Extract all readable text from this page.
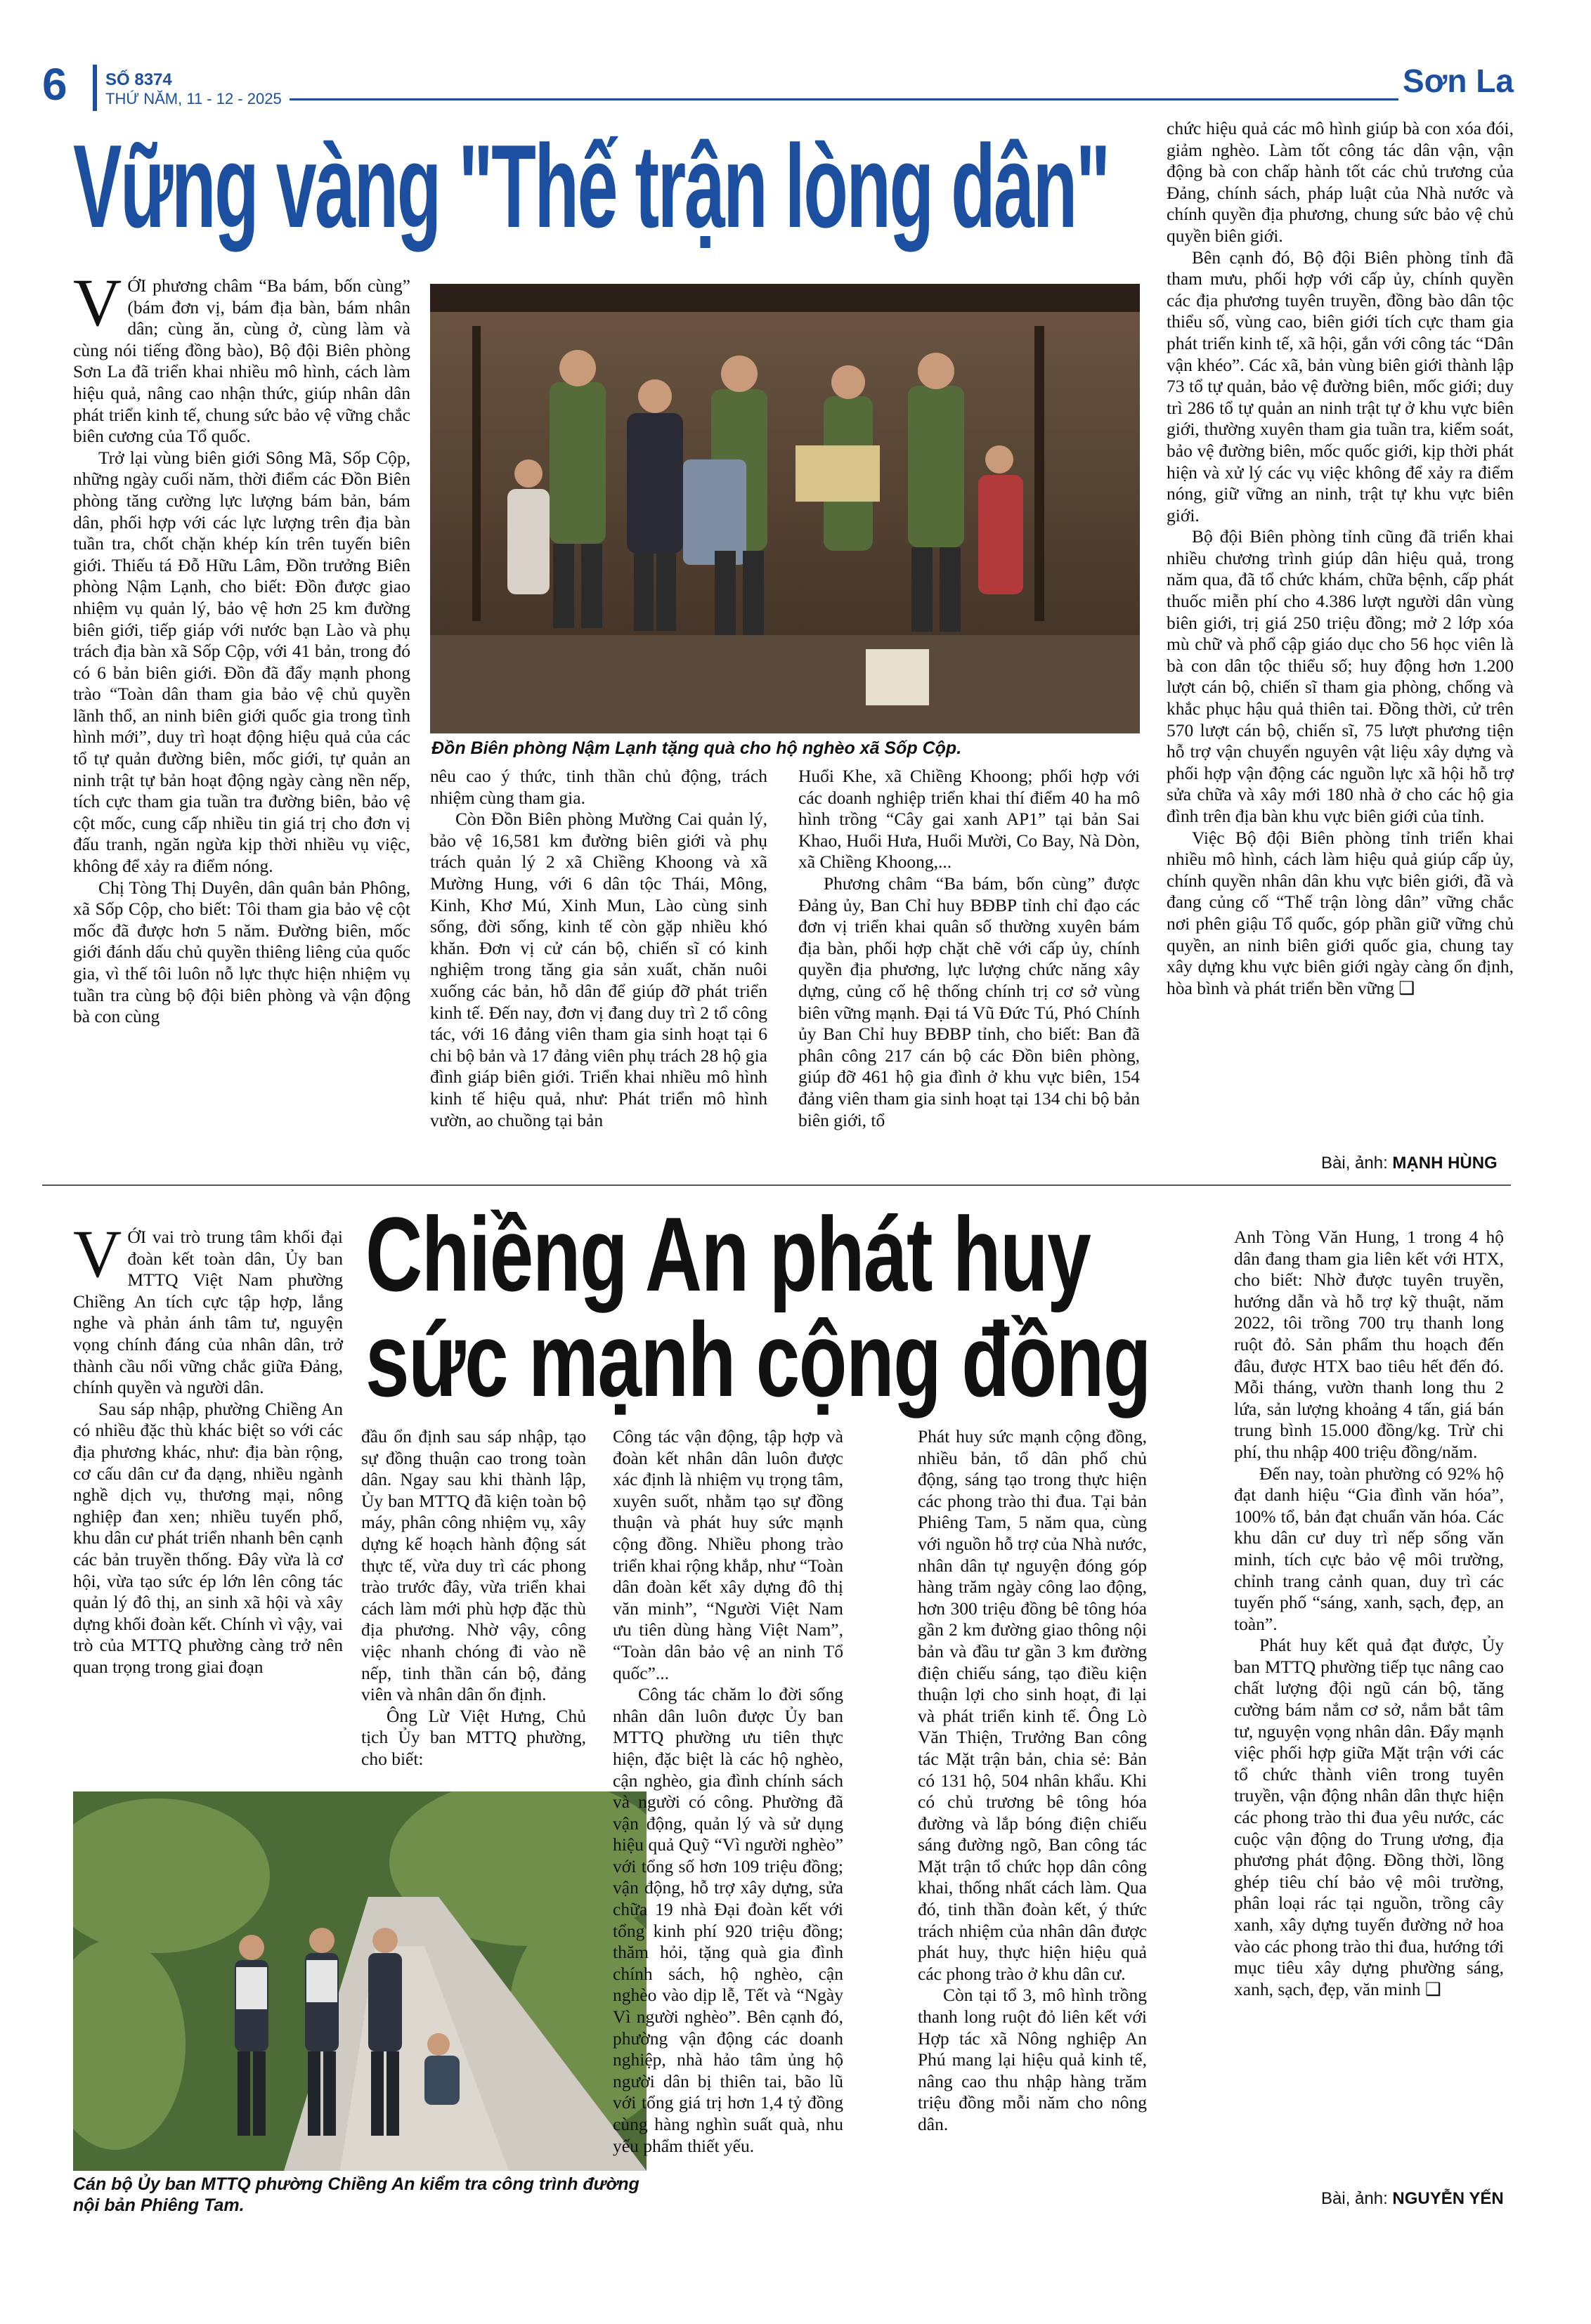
6 SỐ 8374
THỨ NĂM, 11 - 12 - 2025	Sơn La
Vững vàng "Thế trận lòng dân"

VỚI phương châm “Ba bám, bốn cùng” (bám đơn vị, bám địa bàn, bám nhân dân; cùng ăn, cùng ở, cùng làm và cùng nói tiếng đồng bào), Bộ đội Biên phòng Sơn La đã triển khai nhiều mô hình, cách làm hiệu quả, nâng cao nhận thức, giúp nhân dân phát triển kinh tế, chung sức bảo vệ vững chắc biên cương của Tổ quốc.

Trở lại vùng biên giới Sông Mã, Sốp Cộp, những ngày cuối năm, thời điểm các Đồn Biên phòng tăng cường lực lượng bám bản, bám dân, phối hợp với các lực lượng trên địa bàn tuần tra, chốt chặn khép kín trên tuyến biên giới. Thiếu tá Đỗ Hữu Lâm, Đồn trưởng Biên phòng Nậm Lạnh, cho biết: Đồn được giao nhiệm vụ quản lý, bảo vệ hơn 25 km đường biên giới, tiếp giáp với nước bạn Lào và phụ trách địa bàn xã Sốp Cộp, với 41 bản, trong đó có 6 bản biên giới. Đồn đã đẩy mạnh phong trào “Toàn dân tham gia bảo vệ chủ quyền lãnh thổ, an ninh biên giới quốc gia trong tình hình mới”, duy trì hoạt động hiệu quả của các tổ tự quản đường biên, mốc giới, tự quản an ninh trật tự bản hoạt động ngày càng nền nếp, tích cực tham gia tuần tra đường biên, bảo vệ cột mốc, cung cấp nhiều tin giá trị cho đơn vị đấu tranh, ngăn ngừa kịp thời nhiều vụ việc, không để xảy ra điểm nóng.

Chị Tòng Thị Duyên, dân quân bản Phông, xã Sốp Cộp, cho biết: Tôi tham gia bảo vệ cột mốc đã được hơn 5 năm. Đường biên, mốc giới đánh dấu chủ quyền thiêng liêng của quốc gia, vì thế tôi luôn nỗ lực thực hiện nhiệm vụ tuần tra cùng bộ đội biên phòng và vận động bà con cùng

Đồn Biên phòng Nậm Lạnh tặng quà cho hộ nghèo xã Sốp Cộp.

nêu cao ý thức, tinh thần chủ động, trách nhiệm cùng tham gia.

Còn Đồn Biên phòng Mường Cai quản lý, bảo vệ 16,581 km đường biên giới và phụ trách quản lý 2 xã Chiềng Khoong và xã Mường Hung, với 6 dân tộc Thái, Mông, Kinh, Khơ Mú, Xinh Mun, Lào cùng sinh sống, đời sống, kinh tế còn gặp nhiều khó khăn. Đơn vị cử cán bộ, chiến sĩ có kinh nghiệm trong tăng gia sản xuất, chăn nuôi xuống các bản, hỗ dân để giúp đỡ phát triển kinh tế. Đến nay, đơn vị đang duy trì 2 tổ công tác, với 16 đảng viên tham gia sinh hoạt tại 6 chi bộ bản và 17 đảng viên phụ trách 28 hộ gia đình giáp biên giới. Triển khai nhiều mô hình kinh tế hiệu quả, như: Phát triển mô hình vườn, ao chuồng tại bản

Huổi Khe, xã Chiềng Khoong; phối hợp với các doanh nghiệp triển khai thí điểm 40 ha mô hình trồng “Cây gai xanh AP1” tại bản Sai Khao, Huổi Hưa, Huổi Mười, Co Bay, Nà Dòn, xã Chiềng Khoong,...

Phương châm “Ba bám, bốn cùng” được Đảng ủy, Ban Chỉ huy BĐBP tỉnh chỉ đạo các đơn vị triển khai quân số thường xuyên bám địa bàn, phối hợp chặt chẽ với cấp ủy, chính quyền địa phương, lực lượng chức năng xây dựng, củng cố hệ thống chính trị cơ sở vùng biên vững mạnh. Đại tá Vũ Đức Tú, Phó Chính ủy Ban Chỉ huy BĐBP tỉnh, cho biết: Ban đã phân công 217 cán bộ các Đồn biên phòng, giúp đỡ 461 hộ gia đình ở khu vực biên, 154 đảng viên tham gia sinh hoạt tại 134 chi bộ bản biên giới, tổ

chức hiệu quả các mô hình giúp bà con xóa đói, giảm nghèo. Làm tốt công tác dân vận, vận động bà con chấp hành tốt các chủ trương của Đảng, chính sách, pháp luật của Nhà nước và chính quyền địa phương, chung sức bảo vệ chủ quyền biên giới.

Bên cạnh đó, Bộ đội Biên phòng tỉnh đã tham mưu, phối hợp với cấp ủy, chính quyền các địa phương tuyên truyền, đồng bào dân tộc thiểu số, vùng cao, biên giới tích cực tham gia phát triển kinh tế, xã hội, gắn với công tác “Dân vận khéo”. Các xã, bản vùng biên giới thành lập 73 tổ tự quản, bảo vệ đường biên, mốc giới; duy trì 286 tổ tự quản an ninh trật tự ở khu vực biên giới, thường xuyên tham gia tuần tra, kiểm soát, bảo vệ đường biên, mốc quốc giới, kịp thời phát hiện và xử lý các vụ việc không để xảy ra điểm nóng, giữ vững an ninh, trật tự khu vực biên giới.

Bộ đội Biên phòng tỉnh cũng đã triển khai nhiều chương trình giúp dân hiệu quả, trong năm qua, đã tổ chức khám, chữa bệnh, cấp phát thuốc miễn phí cho 4.386 lượt người dân vùng biên giới, trị giá 250 triệu đồng; mở 2 lớp xóa mù chữ và phổ cập giáo dục cho 56 học viên là bà con dân tộc thiểu số; huy động hơn 1.200 lượt cán bộ, chiến sĩ tham gia phòng, chống và khắc phục hậu quả thiên tai. Đồng thời, cử trên 570 lượt cán bộ, chiến sĩ, 75 lượt phương tiện hỗ trợ vận chuyển nguyên vật liệu xây dựng và phối hợp vận động các nguồn lực xã hội hỗ trợ sửa chữa và xây mới 180 nhà ở cho các hộ gia đình trên địa bàn khu vực biên giới của tỉnh.

Việc Bộ đội Biên phòng tỉnh triển khai nhiều mô hình, cách làm hiệu quả giúp cấp ủy, chính quyền nhân dân khu vực biên giới, đã và đang củng cố “Thế trận lòng dân” vững chắc nơi phên giậu Tổ quốc, góp phần giữ vững chủ quyền, an ninh biên giới quốc gia, chung tay xây dựng khu vực biên giới ngày càng ổn định, hòa bình và phát triển bền vững ❑

Bài, ảnh: MẠNH HÙNG
Chiềng An phát huy
sức mạnh cộng đồng

VỚI vai trò trung tâm khối đại đoàn kết toàn dân, Ủy ban MTTQ Việt Nam phường Chiềng An tích cực tập hợp, lắng nghe và phản ánh tâm tư, nguyện vọng chính đáng của nhân dân, trở thành cầu nối vững chắc giữa Đảng, chính quyền và người dân.

Sau sáp nhập, phường Chiềng An có nhiều đặc thù khác biệt so với các địa phương khác, như: địa bàn rộng, cơ cấu dân cư đa dạng, nhiều ngành nghề dịch vụ, thương mại, nông nghiệp đan xen; nhiều tuyến phố, khu dân cư phát triển nhanh bên cạnh các bản truyền thống. Đây vừa là cơ hội, vừa tạo sức ép lớn lên công tác quản lý đô thị, an sinh xã hội và xây dựng khối đoàn kết. Chính vì vậy, vai trò của MTTQ phường càng trở nên quan trọng trong giai đoạn

đầu ổn định sau sáp nhập, tạo sự đồng thuận cao trong toàn dân. Ngay sau khi thành lập, Ủy ban MTTQ đã kiện toàn bộ máy, phân công nhiệm vụ, xây dựng kế hoạch hành động sát thực tế, vừa duy trì các phong trào trước đây, vừa triển khai cách làm mới phù hợp đặc thù địa phương. Nhờ vậy, công việc nhanh chóng đi vào nề nếp, tinh thần cán bộ, đảng viên và nhân dân ổn định.

Ông Lừ Việt Hưng, Chủ tịch Ủy ban MTTQ phường, cho biết:

Cán bộ Ủy ban MTTQ phường Chiềng An kiểm tra công trình đường nội bản Phiêng Tam.

Công tác vận động, tập hợp và đoàn kết nhân dân luôn được xác định là nhiệm vụ trọng tâm, xuyên suốt, nhằm tạo sự đồng thuận và phát huy sức mạnh cộng đồng. Nhiều phong trào triển khai rộng khắp, như “Toàn dân đoàn kết xây dựng đô thị văn minh”, “Người Việt Nam ưu tiên dùng hàng Việt Nam”, “Toàn dân bảo vệ an ninh Tổ quốc”...

Công tác chăm lo đời sống nhân dân luôn được Ủy ban MTTQ phường ưu tiên thực hiện, đặc biệt là các hộ nghèo, cận nghèo, gia đình chính sách và người có công. Phường đã vận động, quản lý và sử dụng hiệu quả Quỹ “Vì người nghèo” với tổng số hơn 109 triệu đồng; vận động, hỗ trợ xây dựng, sửa chữa 19 nhà Đại đoàn kết với tổng kinh phí 920 triệu đồng; thăm hỏi, tặng quà gia đình chính sách, hộ nghèo, cận nghèo vào dịp lễ, Tết và “Ngày Vì người nghèo”. Bên cạnh đó, phường vận động các doanh nghiệp, nhà hảo tâm ủng hộ người dân bị thiên tai, bão lũ với tổng giá trị hơn 1,4 tỷ đồng cùng hàng nghìn suất quà, nhu yếu phẩm thiết yếu.

Phát huy sức mạnh cộng đồng, nhiều bản, tổ dân phố chủ động, sáng tạo trong thực hiện các phong trào thi đua. Tại bản Phiêng Tam, 5 năm qua, cùng với nguồn hỗ trợ của Nhà nước, nhân dân tự nguyện đóng góp hàng trăm ngày công lao động, hơn 300 triệu đồng bê tông hóa gần 2 km đường giao thông nội bản và đầu tư gần 3 km đường điện chiếu sáng, tạo điều kiện thuận lợi cho sinh hoạt, đi lại và phát triển kinh tế. Ông Lò Văn Thiện, Trưởng Ban công tác Mặt trận bản, chia sẻ: Bản có 131 hộ, 504 nhân khẩu. Khi có chủ trương bê tông hóa đường và lắp bóng điện chiếu sáng đường ngõ, Ban công tác Mặt trận tổ chức họp dân công khai, thống nhất cách làm. Qua đó, tinh thần đoàn kết, ý thức trách nhiệm của nhân dân được phát huy, thực hiện hiệu quả các phong trào ở khu dân cư.

Còn tại tổ 3, mô hình trồng thanh long ruột đỏ liên kết với Hợp tác xã Nông nghiệp An Phú mang lại hiệu quả kinh tế, nâng cao thu nhập hàng trăm triệu đồng mỗi năm cho nông dân.

Anh Tòng Văn Hung, 1 trong 4 hộ dân đang tham gia liên kết với HTX, cho biết: Nhờ được tuyên truyền, hướng dẫn và hỗ trợ kỹ thuật, năm 2022, tôi trồng 700 trụ thanh long ruột đỏ. Sản phẩm thu hoạch đến đâu, được HTX bao tiêu hết đến đó. Mỗi tháng, vườn thanh long thu 2 lứa, sản lượng khoảng 4 tấn, giá bán trung bình 15.000 đồng/kg. Trừ chi phí, thu nhập 400 triệu đồng/năm.

Đến nay, toàn phường có 92% hộ đạt danh hiệu “Gia đình văn hóa”, 100% tổ, bản đạt chuẩn văn hóa. Các khu dân cư duy trì nếp sống văn minh, tích cực bảo vệ môi trường, chỉnh trang cảnh quan, duy trì các tuyến phố “sáng, xanh, sạch, đẹp, an toàn”.

Phát huy kết quả đạt được, Ủy ban MTTQ phường tiếp tục nâng cao chất lượng đội ngũ cán bộ, tăng cường bám nắm cơ sở, nắm bắt tâm tư, nguyện vọng nhân dân. Đẩy mạnh việc phối hợp giữa Mặt trận với các tổ chức thành viên trong tuyên truyền, vận động nhân dân thực hiện các phong trào thi đua yêu nước, các cuộc vận động do Trung ương, địa phương phát động. Đồng thời, lồng ghép tiêu chí bảo vệ môi trường, phân loại rác tại nguồn, trồng cây xanh, xây dựng tuyến đường nở hoa vào các phong trào thi đua, hướng tới mục tiêu xây dựng phường sáng, xanh, sạch, đẹp, văn minh ❑

Bài, ảnh: NGUYỄN YẾN
